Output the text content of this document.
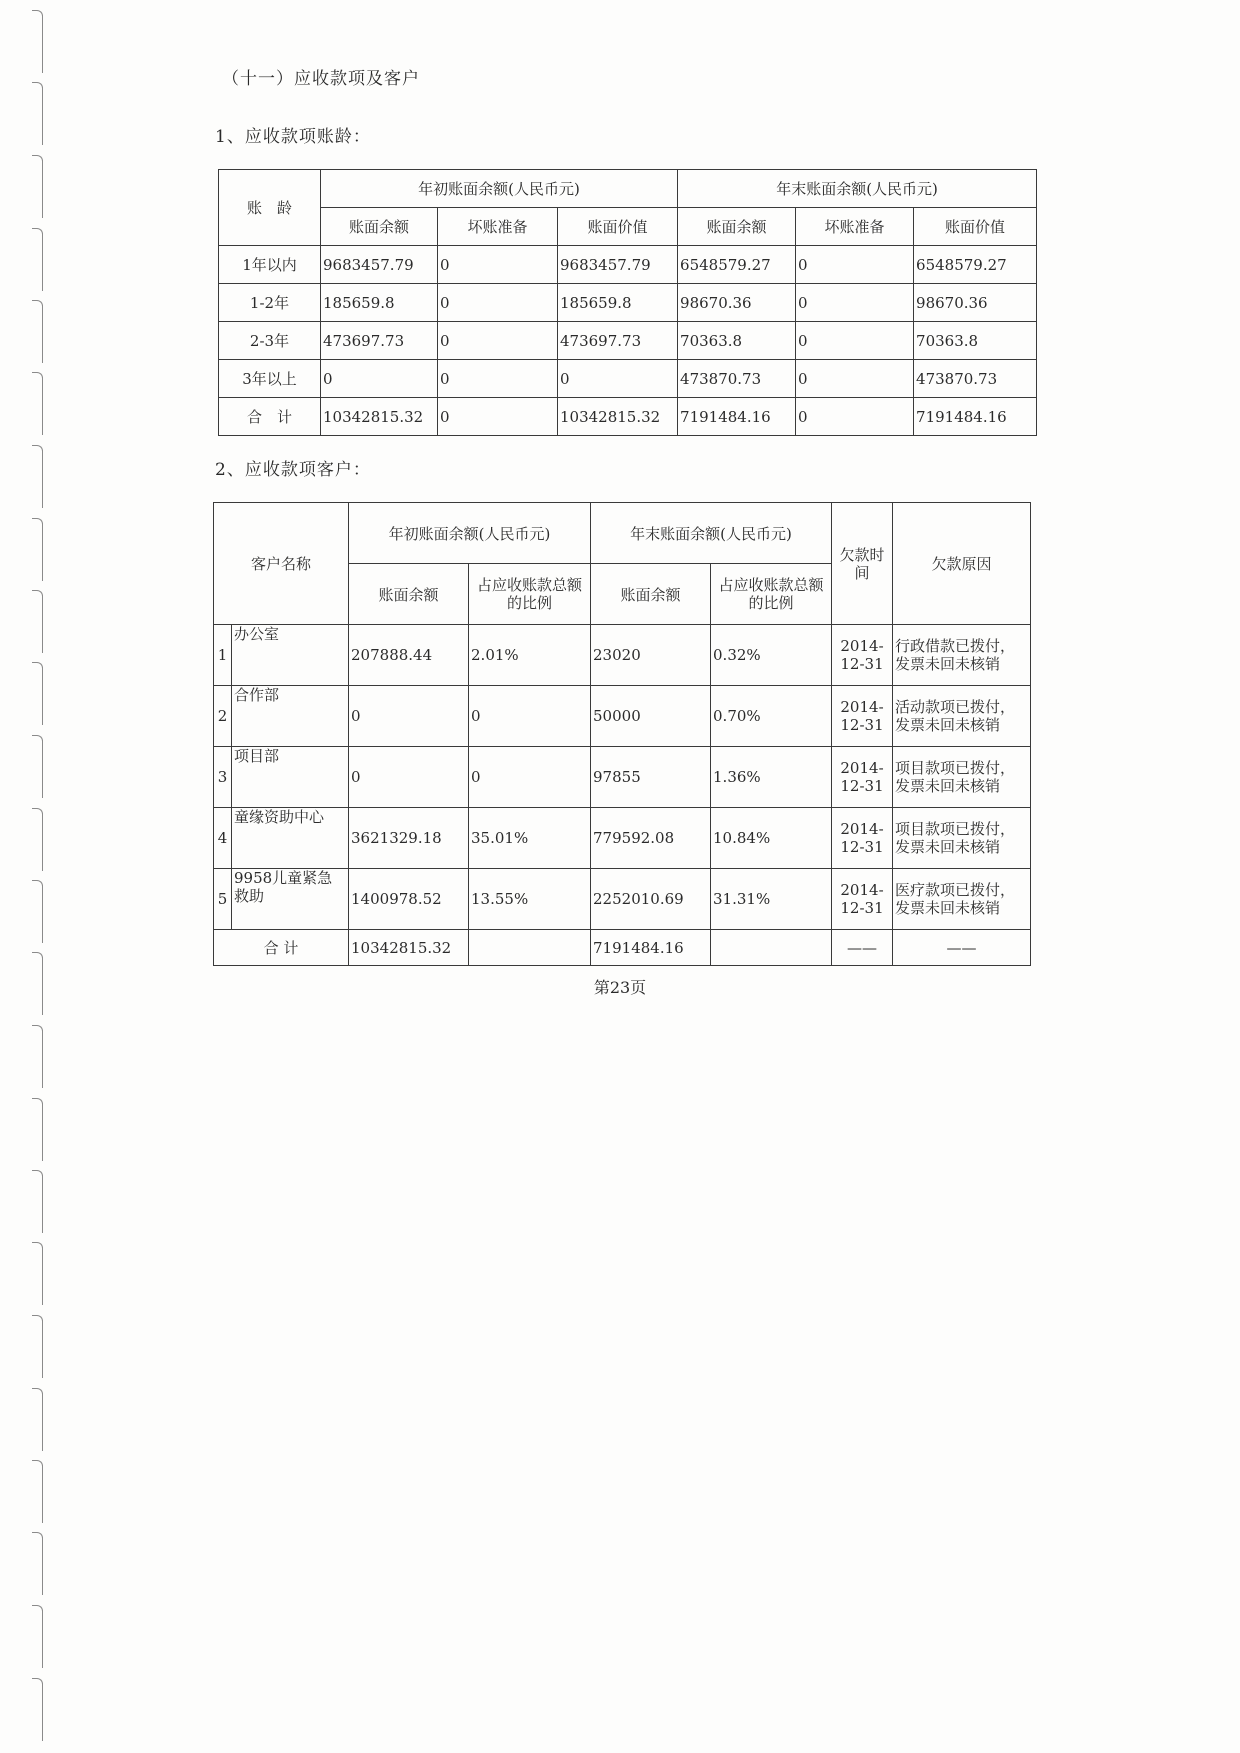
（十一）应收款项及客户
1、应收款项账龄：
账　龄	年初账面余额(人民币元)			年末账面余额(人民币元)		
	账面余额	坏账准备	账面价值	账面余额	坏账准备	账面价值
1年以内	9683457.79	0	9683457.79	6548579.27	0	6548579.27
1-2年	185659.8	0	185659.8	98670.36	0	98670.36
2-3年	473697.73	0	473697.73	70363.8	0	70363.8
3年以上	0	0	0	473870.73	0	473870.73
合　计	10342815.32	0	10342815.32	7191484.16	0	7191484.16
2、应收款项客户：
客户名称		年初账面余额(人民币元)		年末账面余额(人民币元)		欠款时间	欠款原因
		账面余额	占应收账款总额的比例	账面余额	占应收账款总额的比例		
1	办公室	207888.44	2.01%	23020	0.32%	2014-12-31	行政借款已拨付，发票未回未核销
2	合作部	0	0	50000	0.70%	2014-12-31	活动款项已拨付，发票未回未核销
3	项目部	0	0	97855	1.36%	2014-12-31	项目款项已拨付，发票未回未核销
4	童缘资助中心	3621329.18	35.01%	779592.08	10.84%	2014-12-31	项目款项已拨付，发票未回未核销
5	9958儿童紧急救助	1400978.52	13.55%	2252010.69	31.31%	2014-12-31	医疗款项已拨付，发票未回未核销
合 计		10342815.32		7191484.16		——	——
第23页
